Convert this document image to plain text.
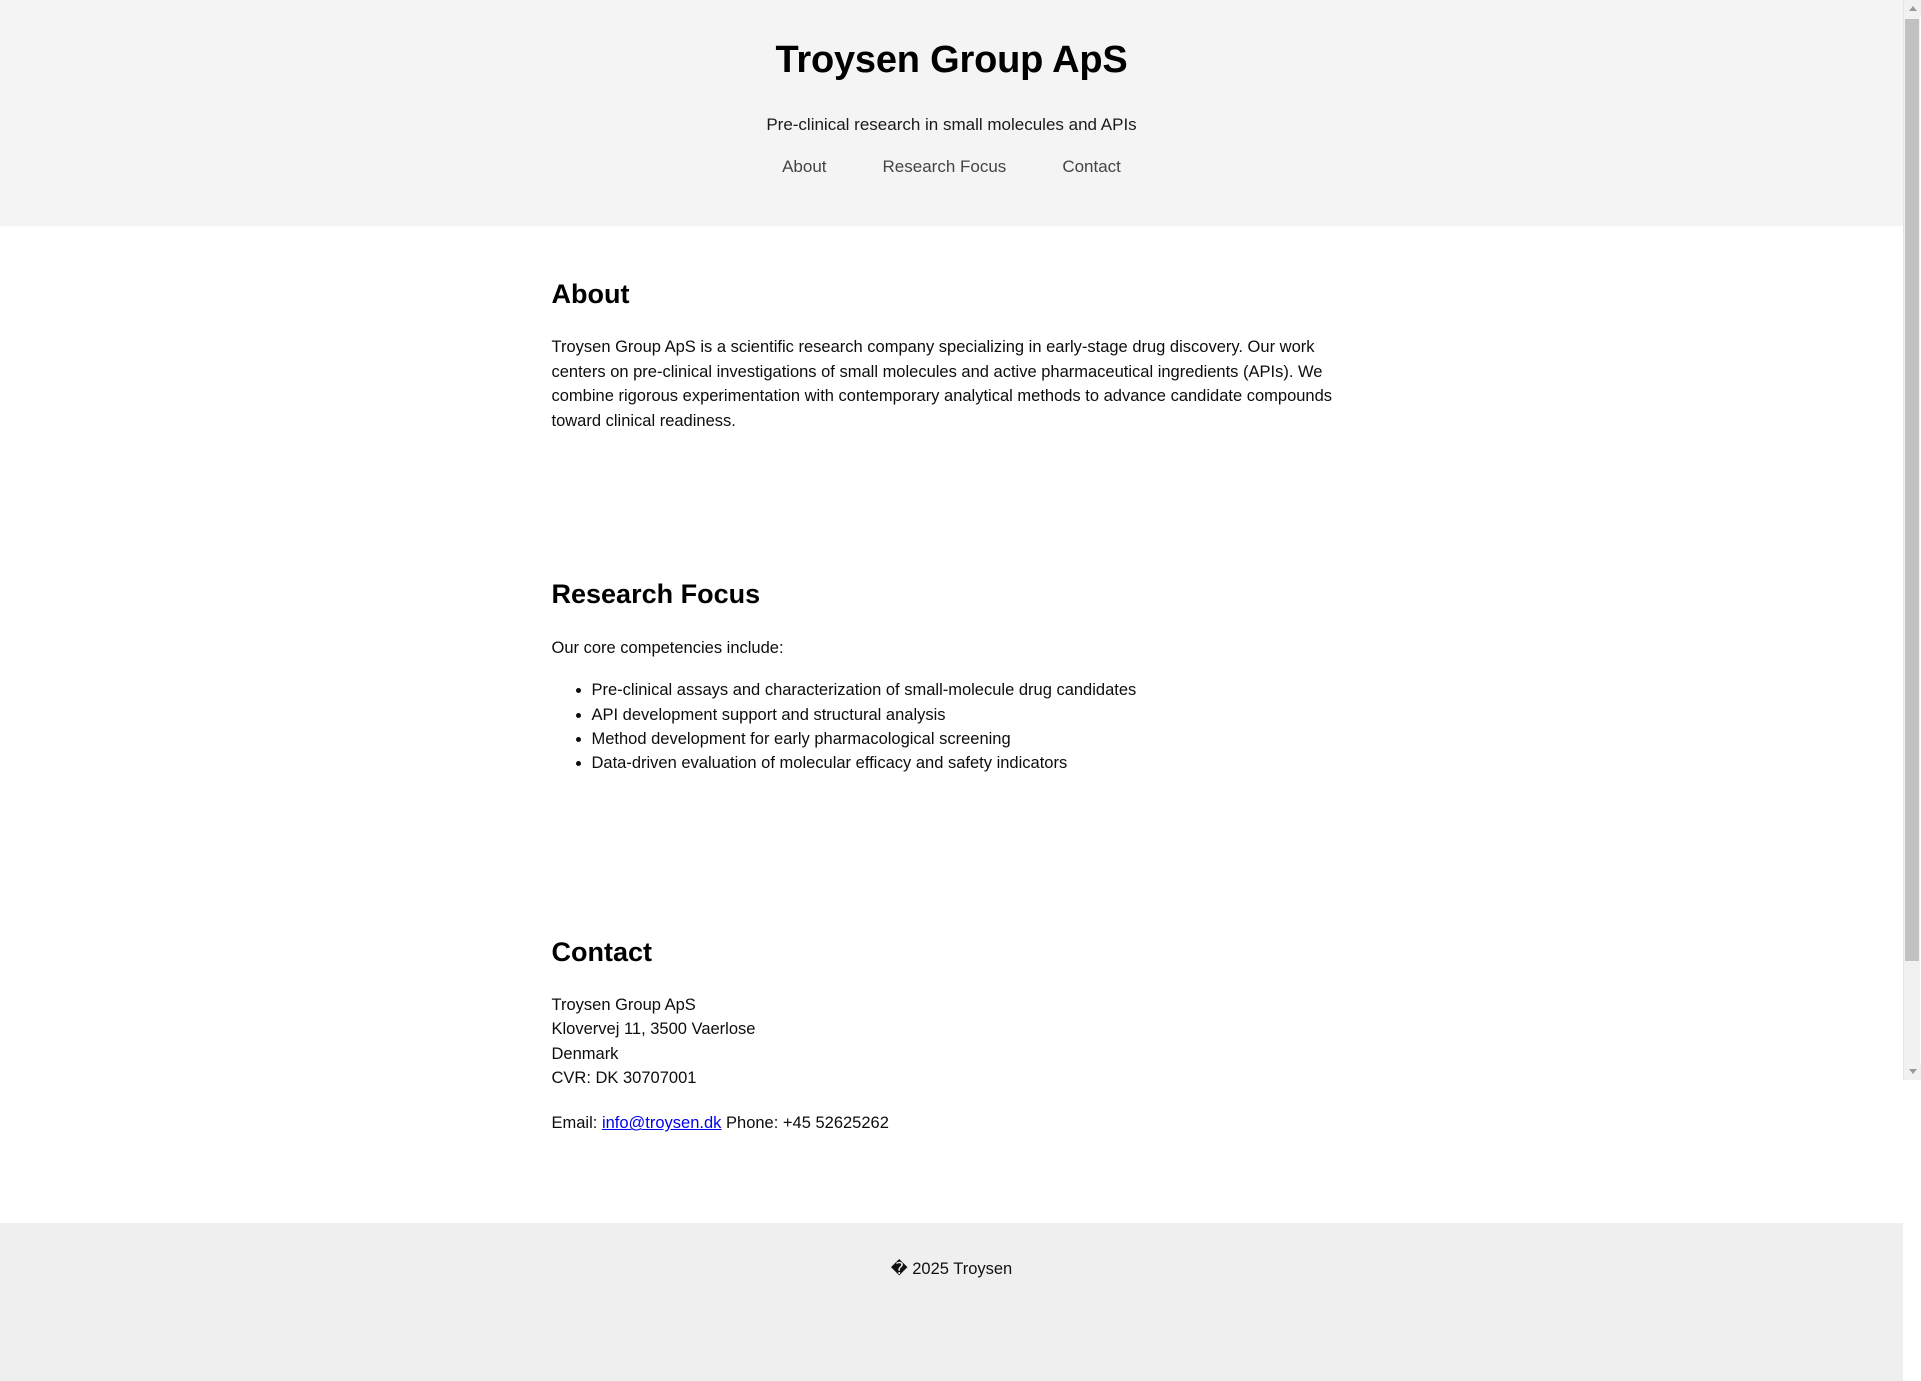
Troysen Group ApS

Pre-clinical research in small molecules and APIs

About	Research Focus	Contact
About

Troysen Group ApS is a scientific research company specializing in early-stage drug discovery. Our work centers on pre-clinical investigations of small molecules and active pharmaceutical ingredients (APIs). We combine rigorous experimentation with contemporary analytical methods to advance candidate compounds toward clinical readiness.

Research Focus

Our core competencies include:

• Pre-clinical assays and characterization of small-molecule drug candidates
• API development support and structural analysis
• Method development for early pharmacological screening
• Data-driven evaluation of molecular efficacy and safety indicators
Contact

Troysen Group ApS
Klovervej 11, 3500 Vaerlose
Denmark
CVR: DK 30707001

Email: info@troysen.dk Phone: +45 52625262

� 2025 Troysen
